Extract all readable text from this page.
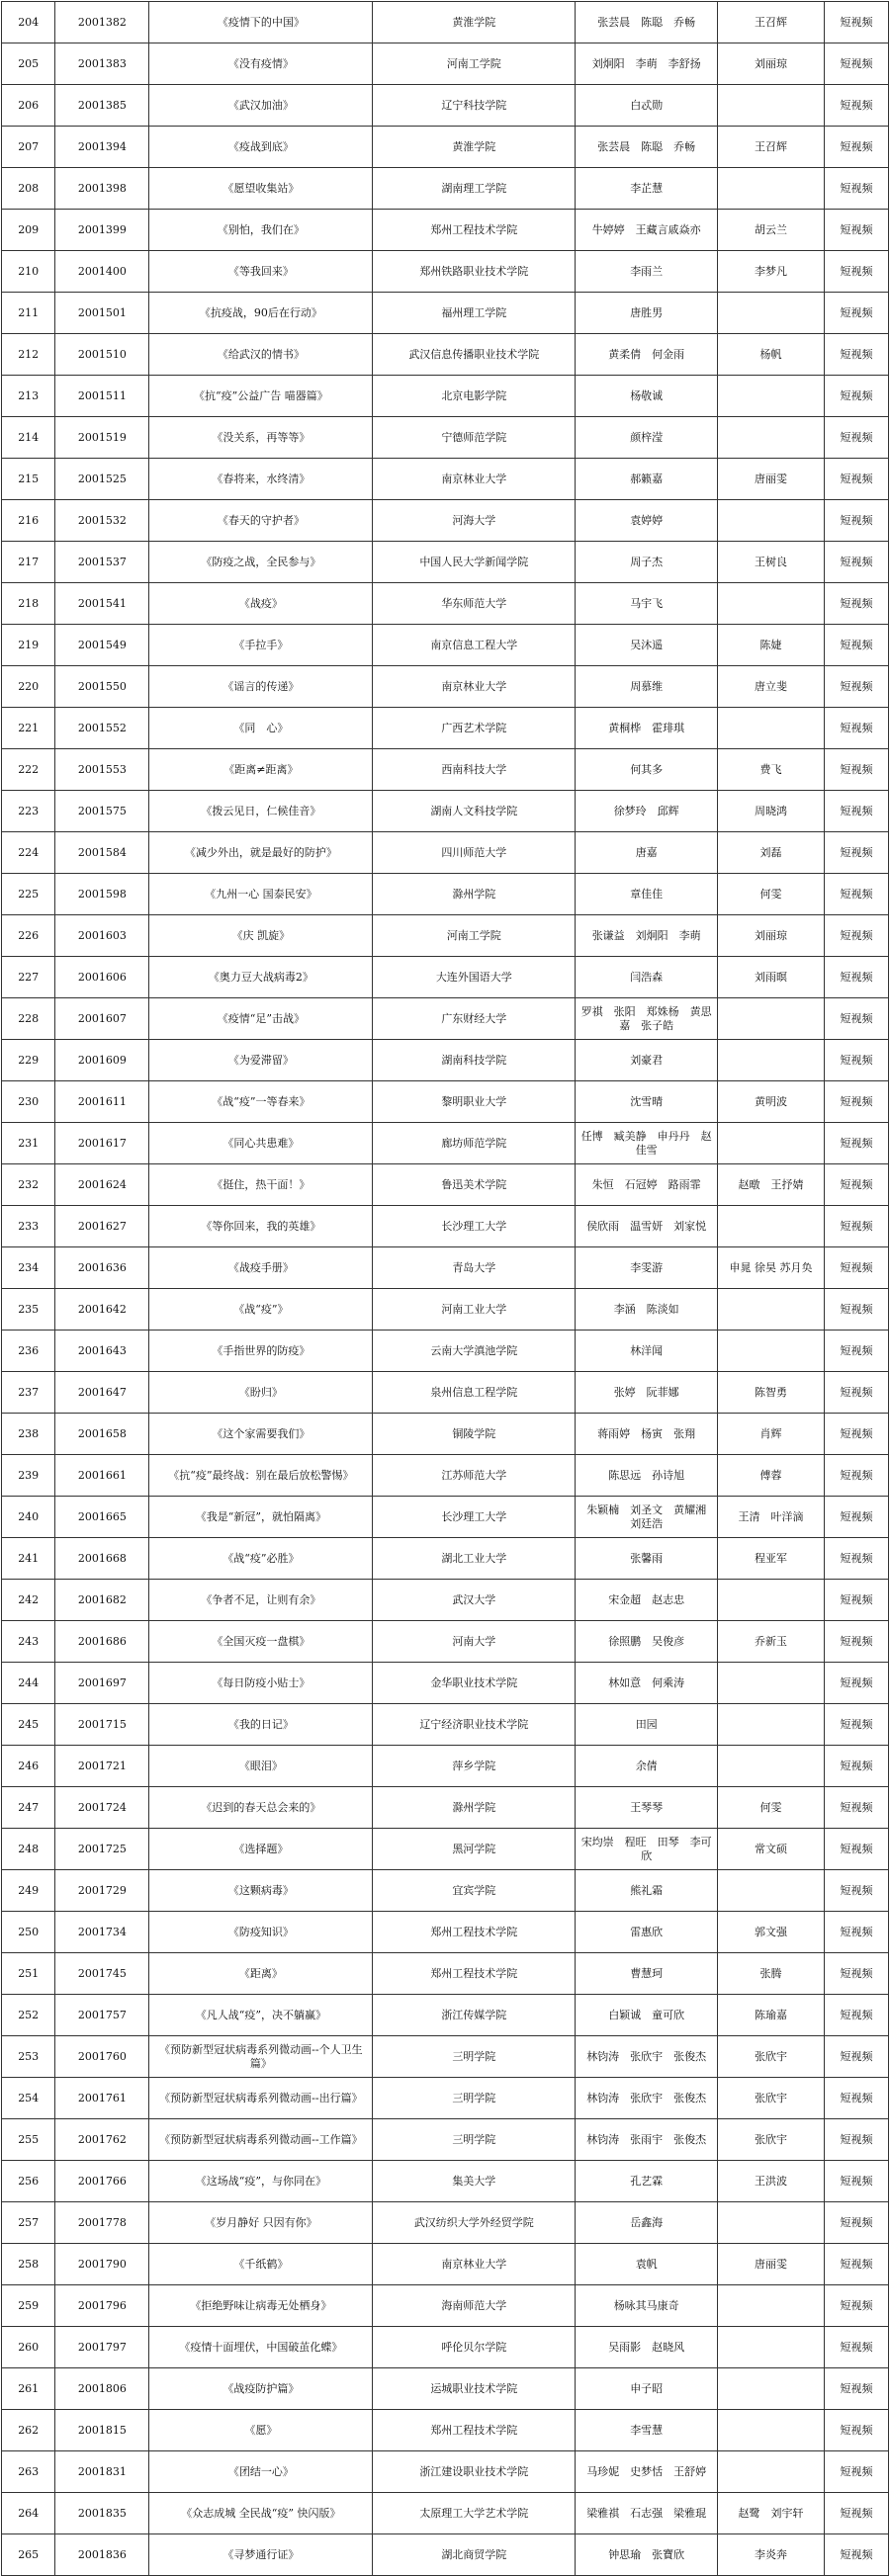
204	2001382	《疫情下的中国》	黄淮学院	张芸晨　陈聪　乔畅	王召辉	短视频
205	2001383	《没有疫情》	河南工学院	刘炯阳　李萌　李舒扬	刘丽琼	短视频
206	2001385	《武汉加油》	辽宁科技学院	白忒勋		短视频
207	2001394	《疫战到底》	黄淮学院	张芸晨　陈聪　乔畅	王召辉	短视频
208	2001398	《愿望收集站》	湖南理工学院	李芷慧		短视频
209	2001399	《别怕，我们在》	郑州工程技术学院	牛婷婷　王藏言戚焱亦	胡云兰	短视频
210	2001400	《等我回来》	郑州铁路职业技术学院	李雨兰	李梦凡	短视频
211	2001501	《抗疫战，90后在行动》	福州理工学院	唐胜男		短视频
212	2001510	《给武汉的情书》	武汉信息传播职业技术学院	黄柔倩　何金雨	杨帆	短视频
213	2001511	《抗“疫”公益广告 喵器篇》	北京电影学院	杨敬诚		短视频
214	2001519	《没关系，再等等》	宁德师范学院	颜梓滢		短视频
215	2001525	《春将来，水终清》	南京林业大学	郝籁嘉	唐丽雯	短视频
216	2001532	《春天的守护者》	河海大学	袁婷婷		短视频
217	2001537	《防疫之战，全民参与》	中国人民大学新闻学院	周子杰	王树良	短视频
218	2001541	《战疫》	华东师范大学	马宇飞		短视频
219	2001549	《手拉手》	南京信息工程大学	吴沐遥	陈婕	短视频
220	2001550	《谣言的传递》	南京林业大学	周慕维	唐立斐	短视频
221	2001552	《同　心》	广西艺术学院	黄桐桦　霍琲琪		短视频
222	2001553	《距离≠距离》	西南科技大学	何其多	费飞	短视频
223	2001575	《拨云见日，仁候佳音》	湖南人文科技学院	徐梦玲　邱辉	周晓鸿	短视频
224	2001584	《减少外出，就是最好的防护》	四川师范大学	唐嘉	刘磊	短视频
225	2001598	《九州一心 国泰民安》	滁州学院	章佳佳	何雯	短视频
226	2001603	《庆 凯旋》	河南工学院	张谦益　刘炯阳　李萌	刘丽琼	短视频
227	2001606	《奥力豆大战病毒2》	大连外国语大学	闫浩森	刘雨暝	短视频
228	2001607	《疫情“足”击战》	广东财经大学	罗祺　张阳　郑姝杨　黄思嘉　张子皓		短视频
229	2001609	《为爱滞留》	湖南科技学院	刘豪君		短视频
230	2001611	《战“疫”一等春来》	黎明职业大学	沈雪晴	黄明波	短视频
231	2001617	《同心共患难》	廊坊师范学院	任博　臧美静　申丹丹　赵佳雪		短视频
232	2001624	《挺住，热干面！》	鲁迅美术学院	朱恒　石冠婷　路雨霏	赵暾　王抒婧	短视频
233	2001627	《等你回来，我的英雄》	长沙理工大学	侯欣雨　温雪妍　刘家悦		短视频
234	2001636	《战疫手册》	青岛大学	李雯游	申晁 徐昊 苏月奂	短视频
235	2001642	《战“疫”》	河南工业大学	李涵　陈淡如		短视频
236	2001643	《手指世界的防疫》	云南大学滇池学院	林洋闻		短视频
237	2001647	《盼归》	泉州信息工程学院	张婷　阮菲娜	陈智勇	短视频
238	2001658	《这个家需要我们》	铜陵学院	蒋雨婷　杨寅　张翔	肖辉	短视频
239	2001661	《抗“疫”最终战：别在最后放松警惕》	江苏师范大学	陈思远　孙诗旭	傅蓉	短视频
240	2001665	《我是“新冠”，就怕隔离》	长沙理工大学	朱颖楠　刘圣文　黄耀湘　刘廷浩	王清　叶洋滴	短视频
241	2001668	《战“疫”必胜》	湖北工业大学	张馨雨	程亚军	短视频
242	2001682	《争者不足，让则有余》	武汉大学	宋金超　赵志忠		短视频
243	2001686	《全国灭疫一盘棋》	河南大学	徐照鹏　吴俊彦	乔新玉	短视频
244	2001697	《每日防疫小贴士》	金华职业技术学院	林如意　何乘涛		短视频
245	2001715	《我的日记》	辽宁经济职业技术学院	田园		短视频
246	2001721	《眼泪》	萍乡学院	余倩		短视频
247	2001724	《迟到的春天总会来的》	滁州学院	王琴琴	何雯	短视频
248	2001725	《选择题》	黑河学院	宋均崇　程旺　田琴　李可欣	常文硕	短视频
249	2001729	《这颗病毒》	宜宾学院	熊礼霜		短视频
250	2001734	《防疫知识》	郑州工程技术学院	雷惠欣	郭文强	短视频
251	2001745	《距离》	郑州工程技术学院	曹慧珂	张腾	短视频
252	2001757	《凡人战“疫”，决不躺赢》	浙江传媒学院	白颖诚　童可欣	陈瑜嘉	短视频
253	2001760	《预防新型冠状病毒系列微动画--个人卫生篇》	三明学院	林钧涛　张欣宇　张俊杰	张欣宇	短视频
254	2001761	《预防新型冠状病毒系列微动画--出行篇》	三明学院	林钧涛　张欣宇　张俊杰	张欣宇	短视频
255	2001762	《预防新型冠状病毒系列微动画--工作篇》	三明学院	林钧涛　张雨宇　张俊杰	张欣宇	短视频
256	2001766	《这场战“疫”，与你同在》	集美大学	孔艺霖	王洪波	短视频
257	2001778	《岁月静好 只因有你》	武汉纺织大学外经贸学院	岳鑫海		短视频
258	2001790	《千纸鹤》	南京林业大学	袁帆	唐丽雯	短视频
259	2001796	《拒绝野味让病毒无处栖身》	海南师范大学	杨咏其马康奇		短视频
260	2001797	《疫情十面埋伏，中国破茧化蝶》	呼伦贝尔学院	吴雨影　赵晓风		短视频
261	2001806	《战疫防护篇》	运城职业技术学院	申子昭		短视频
262	2001815	《愿》	郑州工程技术学院	李雪慧		短视频
263	2001831	《团结一心》	浙江建设职业技术学院	马珍妮　史梦恬　王舒婷		短视频
264	2001835	《众志成城 全民战“疫” 快闪版》	太原理工大学艺术学院	梁雅祺　石志强　梁雅琨	赵鹭　刘宇轩	短视频
265	2001836	《寻梦通行证》	湖北商贸学院	钟思瑜　张寶欣	李炎奔	短视频
